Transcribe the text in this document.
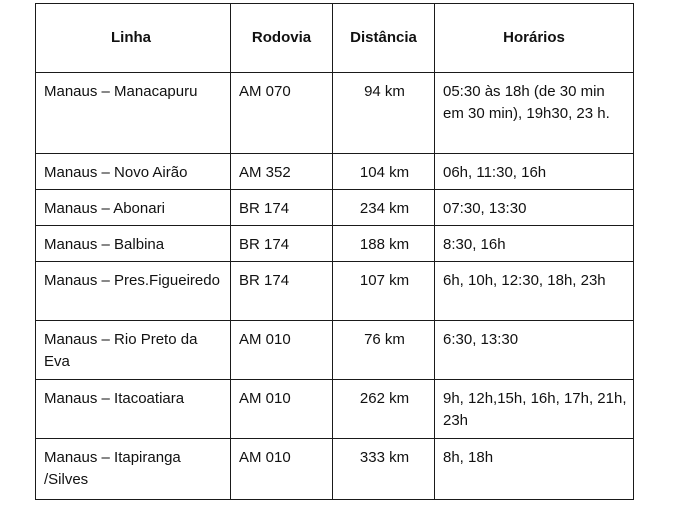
Linha	Rodovia	Distância	Horários
Manaus – Manacapuru	AM 070	94 km	05:30 às 18h (de 30 min em 30 min), 19h30, 23 h.
Manaus – Novo Airão	AM 352	104 km	06h, 11:30, 16h
Manaus – Abonari	BR 174	234 km	07:30, 13:30
Manaus – Balbina	BR 174	188 km	8:30, 16h
Manaus – Pres.Figueiredo	BR 174	107 km	6h, 10h, 12:30, 18h, 23h
Manaus – Rio Preto da Eva	AM 010	76 km	6:30, 13:30
Manaus – Itacoatiara	AM 010	262 km	9h, 12h,15h, 16h, 17h, 21h, 23h
Manaus – Itapiranga /Silves	AM 010	333 km	8h, 18h
